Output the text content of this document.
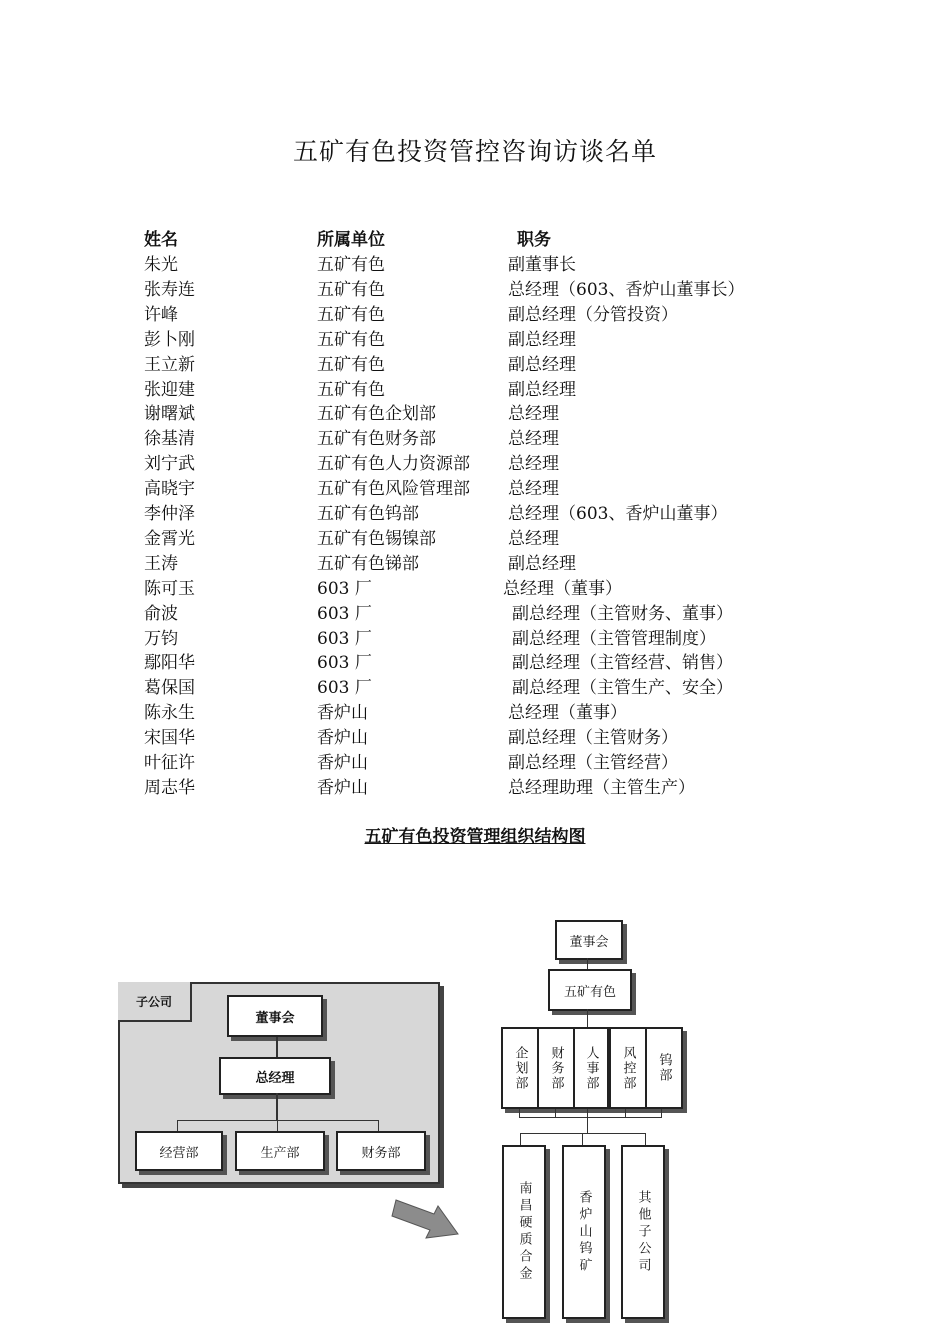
五矿有色投资管控咨询访谈名单
姓名	所属单位	职务
朱光	五矿有色	副董事长
张寿连	五矿有色	总经理（603、香炉山董事长）
许峰	五矿有色	副总经理（分管投资）
彭卜刚	五矿有色	副总经理
王立新	五矿有色	副总经理
张迎建	五矿有色	副总经理
谢曙斌	五矿有色企划部	总经理
徐基清	五矿有色财务部	总经理
刘宁武	五矿有色人力资源部 总经理
高晓宇	五矿有色风险管理部 总经理
李仲泽	五矿有色钨部	总经理（603、香炉山董事）
金霄光	五矿有色锡镍部	总经理
王涛	五矿有色锑部	副总经理
陈可玉	603 厂	总经理（董事）
俞波	603 厂	副总经理（主管财务、董事）
万钧	603 厂	副总经理（主管管理制度）
鄢阳华	603 厂	副总经理（主管经营、销售）
葛保国	603 厂	副总经理（主管生产、安全）
陈永生	香炉山	总经理（董事）
宋国华	香炉山	副总经理（主管财务）
叶征许	香炉山	副总经理（主管经营）
周志华	香炉山	总经理助理（主管生产）
五矿有色投资管理组织结构图
子公司
董事会
总经理
经营部	生产部	财务部
董事会
五矿有色
企划部	财务部	人事部	风控部	钨部
南昌硬质合金	香炉山钨矿	其他子公司
